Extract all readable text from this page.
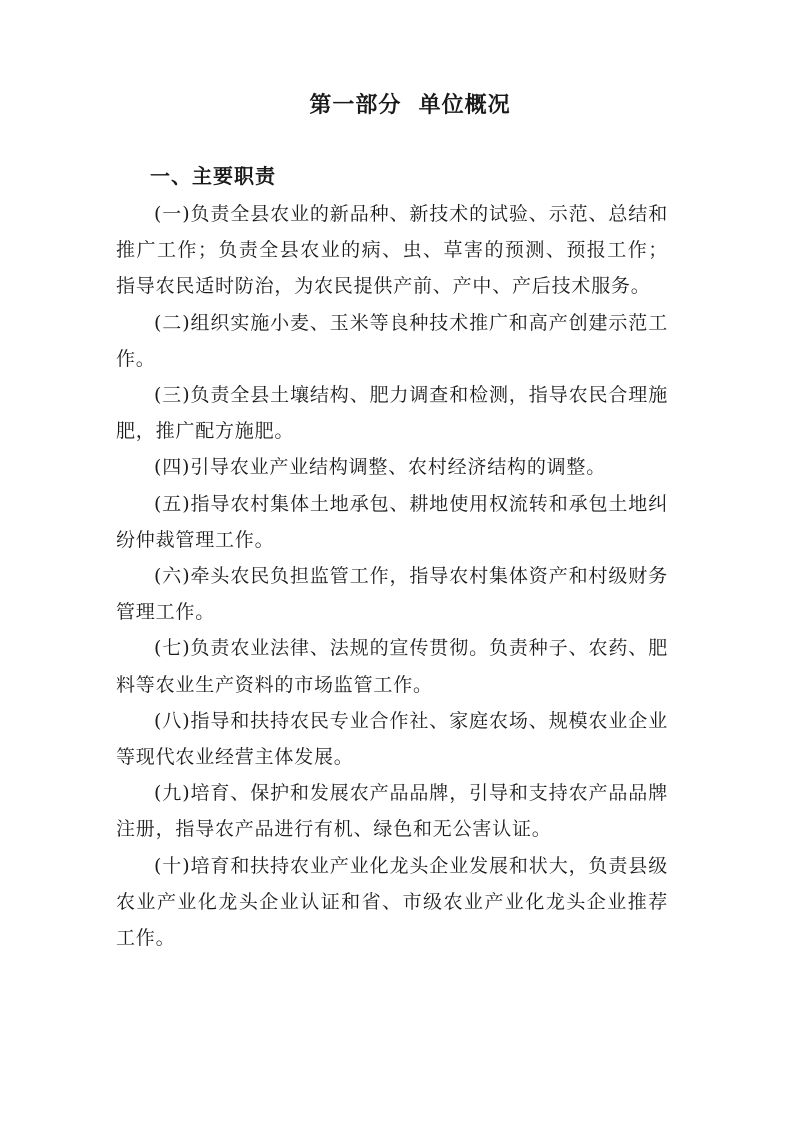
第一部分  单位概况
一、主要职责

(一)负责全县农业的新品种、新技术的试验、示范、总结和推广工作；负责全县农业的病、虫、草害的预测、预报工作；指导农民适时防治，为农民提供产前、产中、产后技术服务。

(二)组织实施小麦、玉米等良种技术推广和高产创建示范工作。

(三)负责全县土壤结构、肥力调查和检测，指导农民合理施肥，推广配方施肥。

(四)引导农业产业结构调整、农村经济结构的调整。

(五)指导农村集体土地承包、耕地使用权流转和承包土地纠纷仲裁管理工作。

(六)牵头农民负担监管工作，指导农村集体资产和村级财务管理工作。

(七)负责农业法律、法规的宣传贯彻。负责种子、农药、肥料等农业生产资料的市场监管工作。

(八)指导和扶持农民专业合作社、家庭农场、规模农业企业等现代农业经营主体发展。

(九)培育、保护和发展农产品品牌，引导和支持农产品品牌注册，指导农产品进行有机、绿色和无公害认证。

(十)培育和扶持农业产业化龙头企业发展和状大，负责县级农业产业化龙头企业认证和省、市级农业产业化龙头企业推荐工作。
